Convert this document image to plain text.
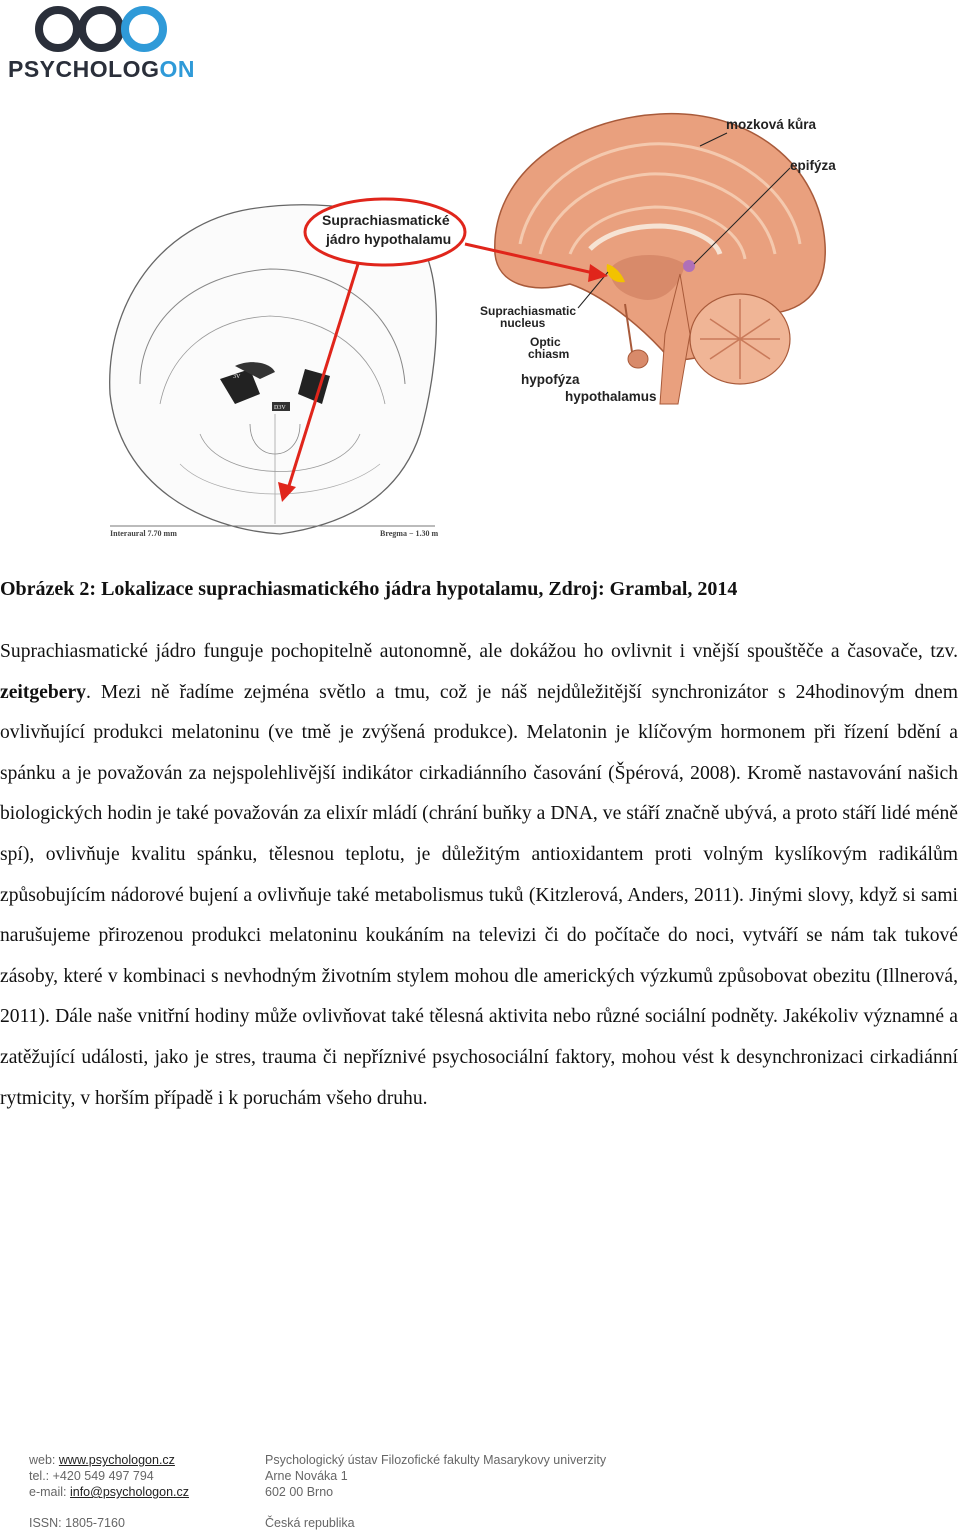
PSYCHOLOGON
3V
D3V
Interaural 7.70 mm	Bregma − 1.30 m
mozková kůra
epifýza
Suprachiasmatic
nucleus
Optic
chiasm
hypofýza
hypothalamus
Suprachiasmatické
jádro hypothalamu
Obrázek 2: Lokalizace suprachiasmatického jádra hypotalamu, Zdroj: Grambal, 2014

Suprachiasmatické jádro funguje pochopitelně autonomně, ale dokážou ho ovlivnit i vnější spouštěče a časovače, tzv. zeitgebery. Mezi ně řadíme zejména světlo a tmu, což je náš nejdůležitější synchronizátor s 24hodinovým dnem ovlivňující produkci melatoninu (ve tmě je zvýšená produkce). Melatonin je klíčovým hormonem při řízení bdění a spánku a je považován za nejspolehlivější indikátor cirkadiánního časování (Špérová, 2008). Kromě nastavování našich biologických hodin je také považován za elixír mládí (chrání buňky a DNA, ve stáří značně ubývá, a proto stáří lidé méně spí), ovlivňuje kvalitu spánku, tělesnou teplotu, je důležitým antioxidantem proti volným kyslíkovým radikálům způsobujícím nádorové bujení a ovlivňuje také metabolismus tuků (Kitzlerová, Anders, 2011). Jinými slovy, když si sami narušujeme přirozenou produkci melatoninu koukáním na televizi či do počítače do noci, vytváří se nám tak tukové zásoby, které v kombinaci s nevhodným životním stylem mohou dle amerických výzkumů způsobovat obezitu (Illnerová, 2011). Dále naše vnitřní hodiny může ovlivňovat také tělesná aktivita nebo různé sociální podněty. Jakékoliv významné a zatěžující události, jako je stres, trauma či nepříznivé psychosociální faktory, mohou vést k desynchronizaci cirkadiánní rytmicity, v horším případě i k poruchám všeho druhu.

web: www.psychologon.cz
tel.: +420 549 497 794
e-mail: info@psychologon.cz
ISSN: 1805-7160
Psychologický ústav Filozofické fakulty Masarykovy univerzity
Arne Nováka 1
602 00 Brno
Česká republika
